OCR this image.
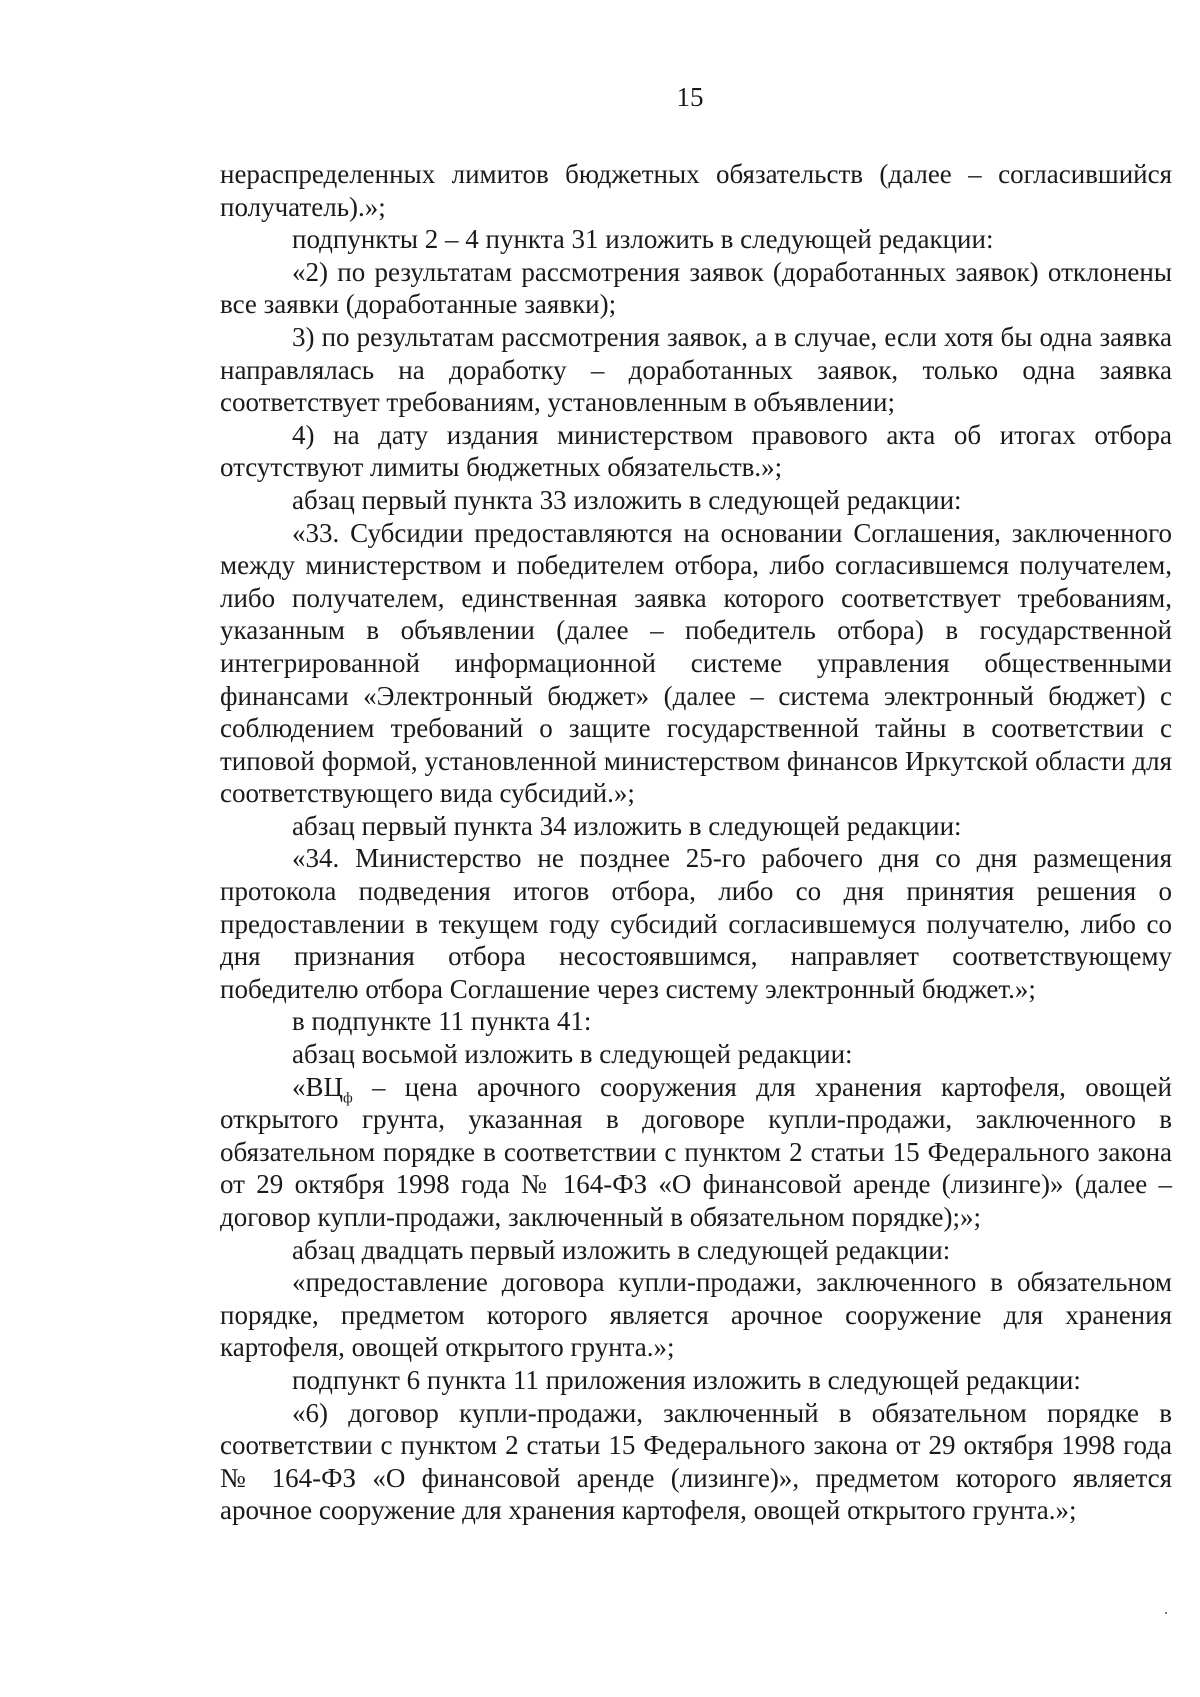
15

нераспределенных лимитов бюджетных обязательств (далее – согласившийся получатель).»;

подпункты 2 – 4 пункта 31 изложить в следующей редакции:

«2) по результатам рассмотрения заявок (доработанных заявок) отклонены все заявки (доработанные заявки);

3) по результатам рассмотрения заявок, а в случае, если хотя бы одна заявка направлялась на доработку – доработанных заявок, только одна заявка соответствует требованиям, установленным в объявлении;

4) на дату издания министерством правового акта об итогах отбора отсутствуют лимиты бюджетных обязательств.»;

абзац первый пункта 33 изложить в следующей редакции:

«33. Субсидии предоставляются на основании Соглашения, заключенного между министерством и победителем отбора, либо согласившемся получателем, либо получателем, единственная заявка которого соответствует требованиям, указанным в объявлении (далее – победитель отбора) в государственной интегрированной информационной системе управления общественными финансами «Электронный бюджет» (далее – система электронный бюджет) с соблюдением требований о защите государственной тайны в соответствии с типовой формой, установленной министерством финансов Иркутской области для соответствующего вида субсидий.»;

абзац первый пункта 34 изложить в следующей редакции:

«34. Министерство не позднее 25-го рабочего дня со дня размещения протокола подведения итогов отбора, либо со дня принятия решения о предоставлении в текущем году субсидий согласившемуся получателю, либо со дня признания отбора несостоявшимся, направляет соответствующему победителю отбора Соглашение через систему электронный бюджет.»;

в подпункте 11 пункта 41:

абзац восьмой изложить в следующей редакции:

«$ВЦ_ф$ – цена арочного сооружения для хранения картофеля, овощей открытого грунта, указанная в договоре купли-продажи, заключенного в обязательном порядке в соответствии с пунктом 2 статьи 15 Федерального закона от 29 октября 1998 года № 164-ФЗ «О финансовой аренде (лизинге)» (далее – договор купли-продажи, заключенный в обязательном порядке);»;

абзац двадцать первый изложить в следующей редакции:

«предоставление договора купли-продажи, заключенного в обязательном порядке, предметом которого является арочное сооружение для хранения картофеля, овощей открытого грунта.»;

подпункт 6 пункта 11 приложения изложить в следующей редакции:

«6) договор купли-продажи, заключенный в обязательном порядке в соответствии с пунктом 2 статьи 15 Федерального закона от 29 октября 1998 года № 164-ФЗ «О финансовой аренде (лизинге)», предметом которого является арочное сооружение для хранения картофеля, овощей открытого грунта.»;
